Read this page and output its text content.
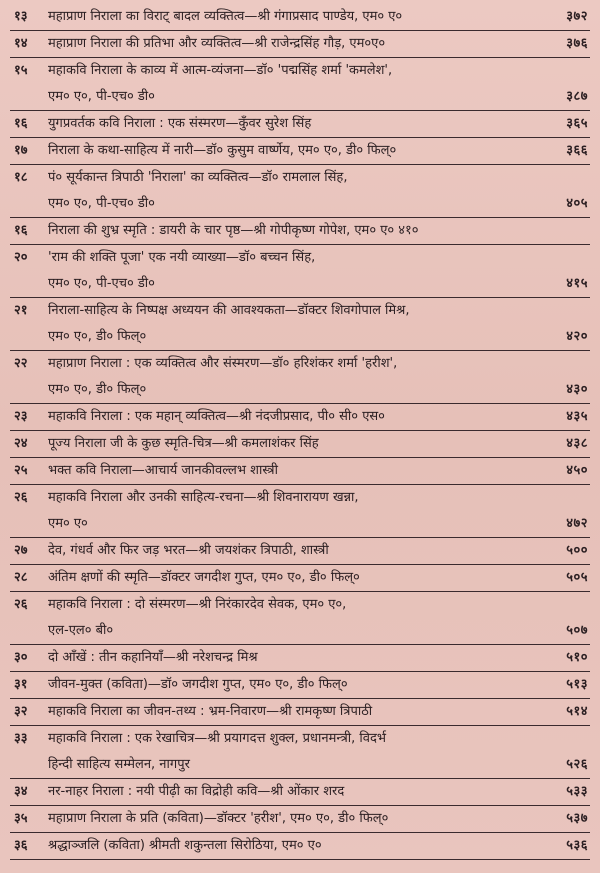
१३	महाप्राण निराला का विराट् बादल व्यक्तित्व—श्री गंगाप्रसाद पाण्डेय, एम० ए०	३७२
१४	महाप्राण निराला की प्रतिभा और व्यक्तित्व—श्री राजेन्द्रसिंह गौड़, एम०ए०	३७६
१५	महाकवि निराला के काव्य में आत्म-व्यंजना—डॉ० 'पद्मसिंह शर्मा 'कमलेश',
एम० ए०, पी-एच० डी०	३८७
१६	युगप्रवर्तक कवि निराला : एक संस्मरण—कुँवर सुरेश सिंह	३६५
१७	निराला के कथा-साहित्य में नारी—डॉ० कुसुम वार्ष्णेय, एम० ए०, डी० फिल्०	३६६
१८	पं० सूर्यकान्त त्रिपाठी 'निराला' का व्यक्तित्व—डॉ० रामलाल सिंह,
एम० ए०, पी-एच० डी०	४०५
१६	निराला की शुभ्र स्मृति : डायरी के चार पृष्ठ—श्री गोपीकृष्ण गोपेश, एम० ए० ४१०
२०	'राम की शक्ति पूजा' एक नयी व्याख्या—डॉ० बच्चन सिंह,
एम० ए०, पी-एच० डी०	४१५
२१	निराला-साहित्य के निष्पक्ष अध्ययन की आवश्यकता—डॉक्टर शिवगोपाल मिश्र,
एम० ए०, डी० फिल्०	४२०
२२	महाप्राण निराला : एक व्यक्तित्व और संस्मरण—डॉ० हरिशंकर शर्मा 'हरीश',
एम० ए०, डी० फिल्०	४३०
२३	महाकवि निराला : एक महान् व्यक्तित्व—श्री नंदजीप्रसाद, पी० सी० एस०	४३५
२४	पूज्य निराला जी के कुछ स्मृति-चित्र—श्री कमलाशंकर सिंह	४३८
२५	भक्त कवि निराला—आचार्य जानकीवल्लभ शास्त्री	४५०
२६	महाकवि निराला और उनकी साहित्य-रचना—श्री शिवनारायण खन्ना,
एम० ए०	४७२
२७	देव, गंधर्व और फिर जड़ भरत—श्री जयशंकर त्रिपाठी, शास्त्री	५००
२८	अंतिम क्षणों की स्मृति—डॉक्टर जगदीश गुप्त, एम० ए०, डी० फिल्०	५०५
२६	महाकवि निराला : दो संस्मरण—श्री निरंकारदेव सेवक, एम० ए०,
एल-एल० बी०	५०७
३०	दो आँखें : तीन कहानियाँ—श्री नरेशचन्द्र मिश्र	५१०
३१	जीवन-मुक्त (कविता)—डॉ० जगदीश गुप्त, एम० ए०, डी० फिल्०	५१३
३२	महाकवि निराला का जीवन-तथ्य : भ्रम-निवारण—श्री रामकृष्ण त्रिपाठी	५१४
३३	महाकवि निराला : एक रेखाचित्र—श्री प्रयागदत्त शुक्ल, प्रधानमन्त्री, विदर्भ
हिन्दी साहित्य सम्मेलन, नागपुर	५२६
३४	नर-नाहर निराला : नयी पीढ़ी का विद्रोही कवि—श्री ओंकार शरद	५३३
३५	महाप्राण निराला के प्रति (कविता)—डॉक्टर 'हरीश', एम० ए०, डी० फिल्०	५३७
३६	श्रद्धाञ्जलि (कविता) श्रीमती शकुन्तला सिरोठिया, एम० ए०	५३६
